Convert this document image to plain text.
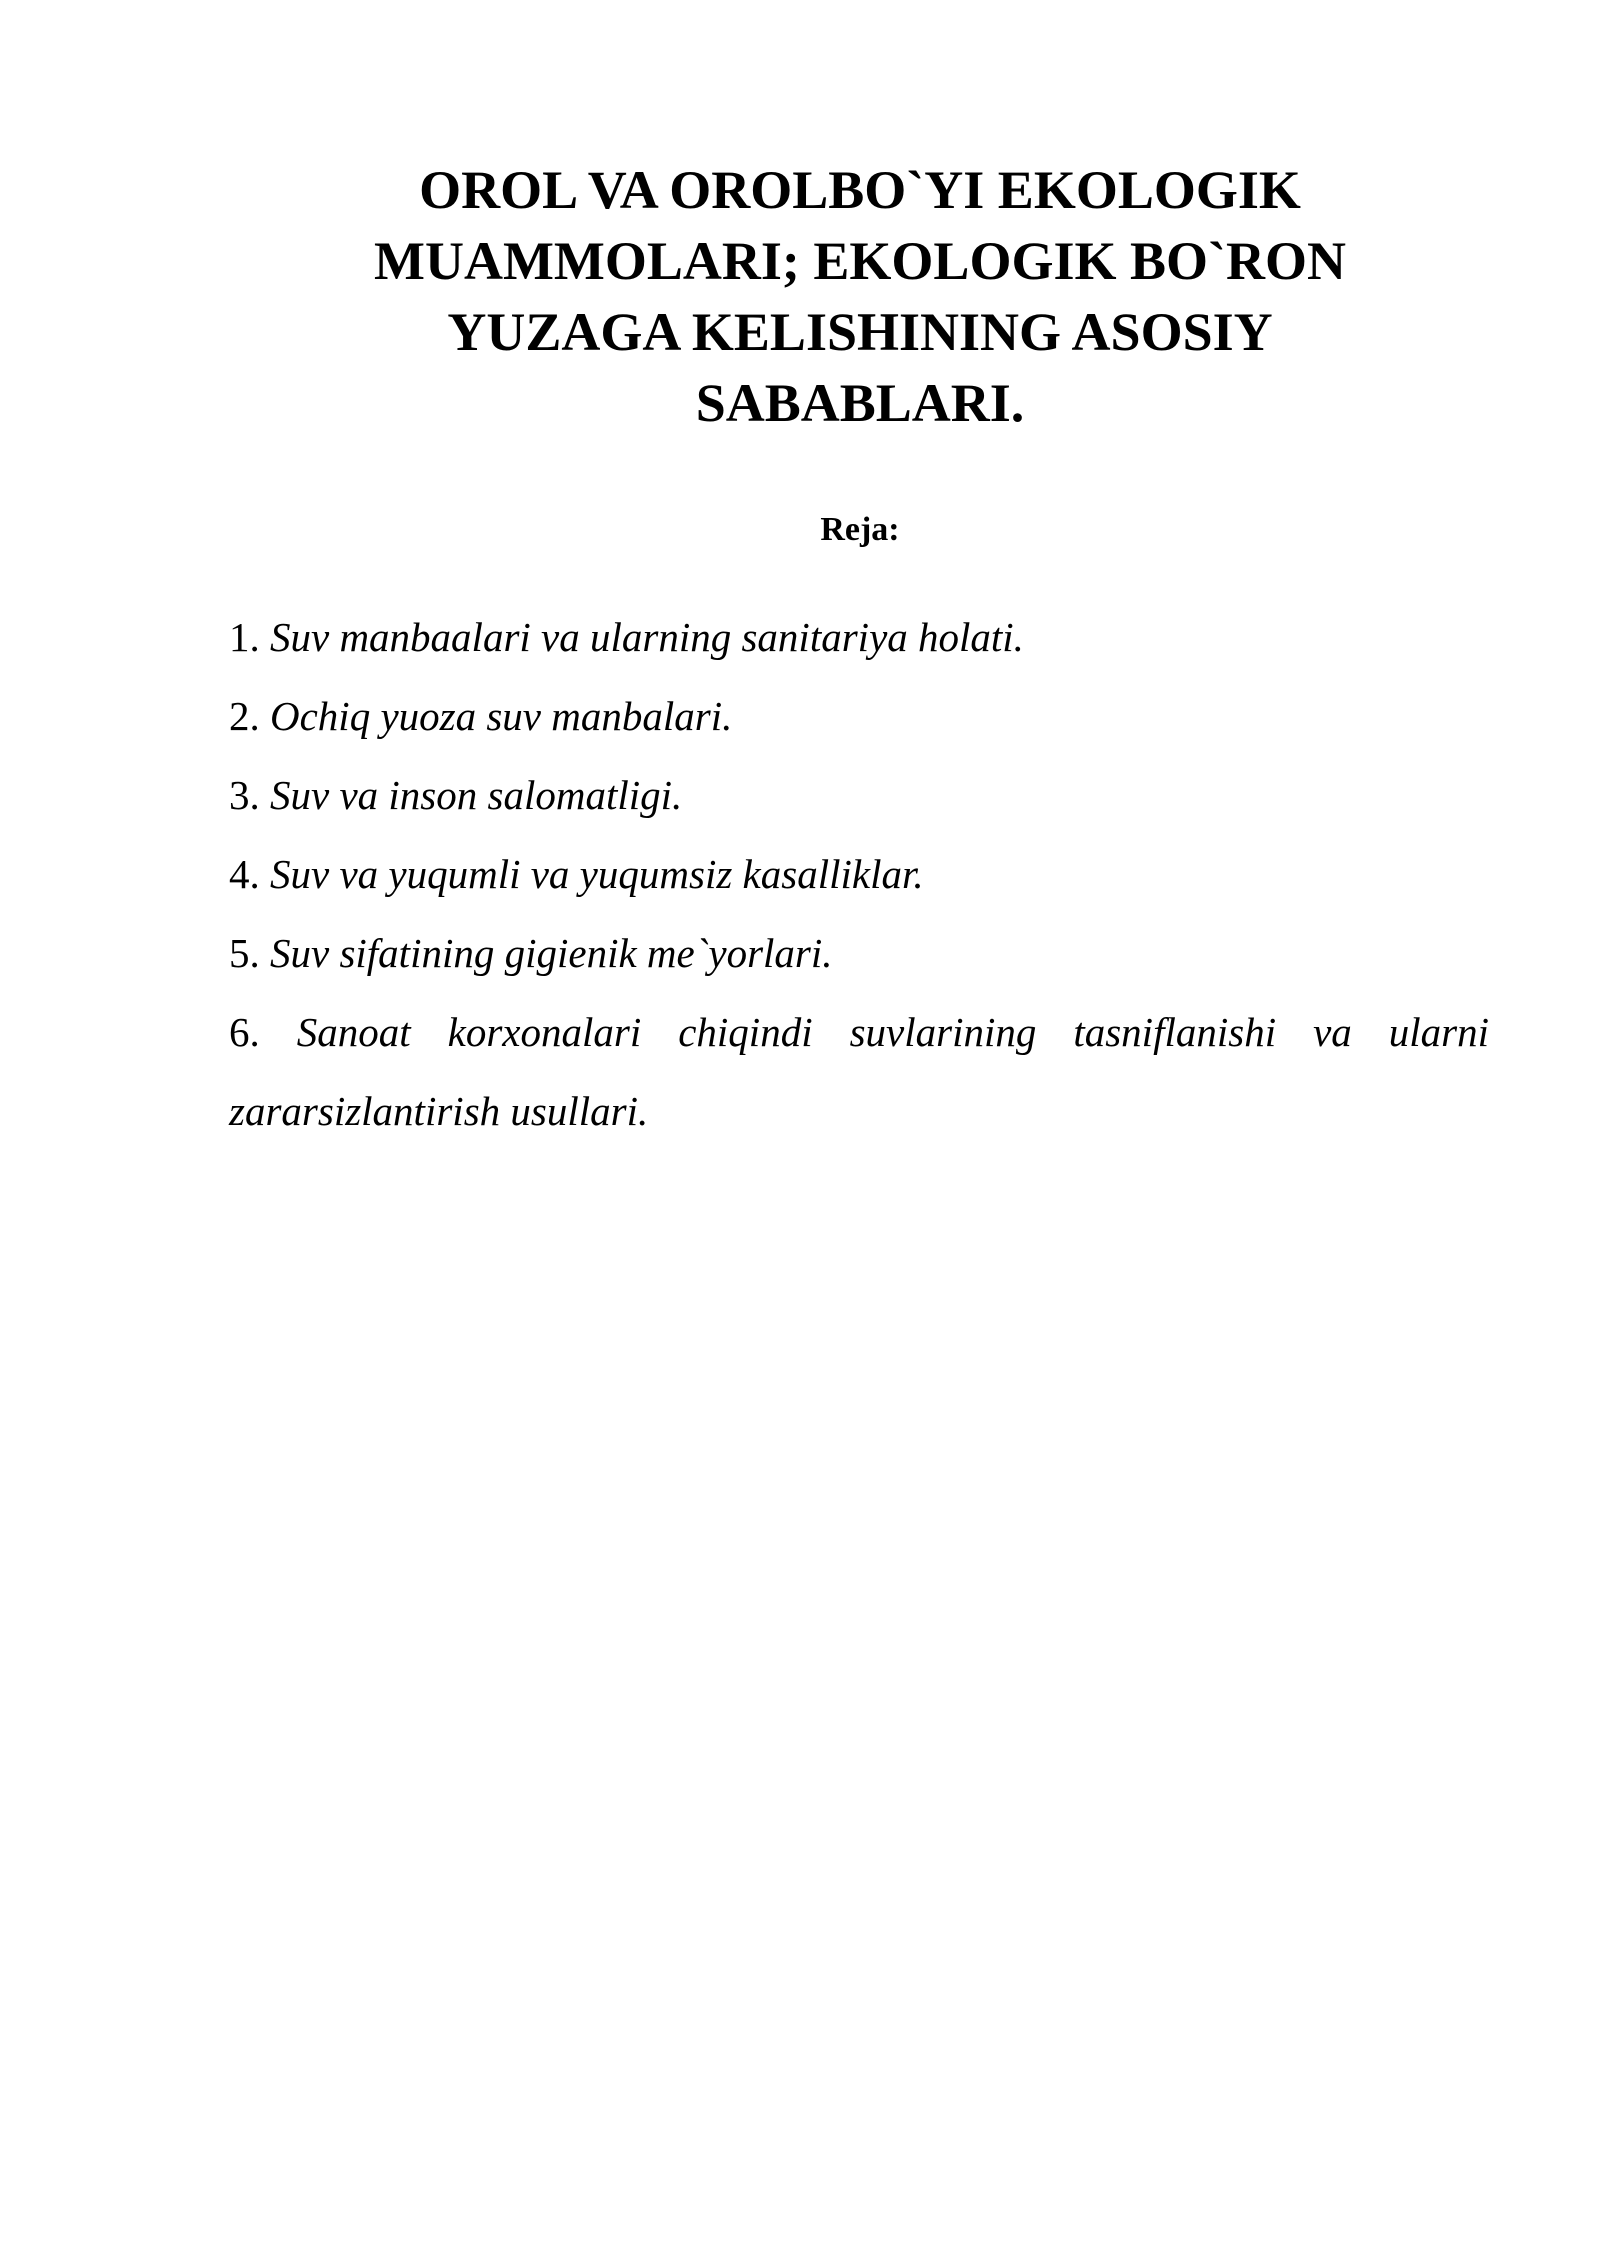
OROL VA OROLBO`YI EKOLOGIK
MUAMMOLARI; EKOLOGIK BO`RON
YUZAGA KELISHINING ASOSIY
SABABLARI.
Reja:
1. Suv manbaalari va ularning sanitariya holati.
2. Ochiq yuoza suv manbalari.
3. Suv va inson salomatligi.
4. Suv va yuqumli va yuqumsiz kasalliklar.
5. Suv sifatining gigienik me`yorlari.
6. Sanoat korxonalari chiqindi suvlarining tasniflanishi va ularni zararsizlantirish usullari.
